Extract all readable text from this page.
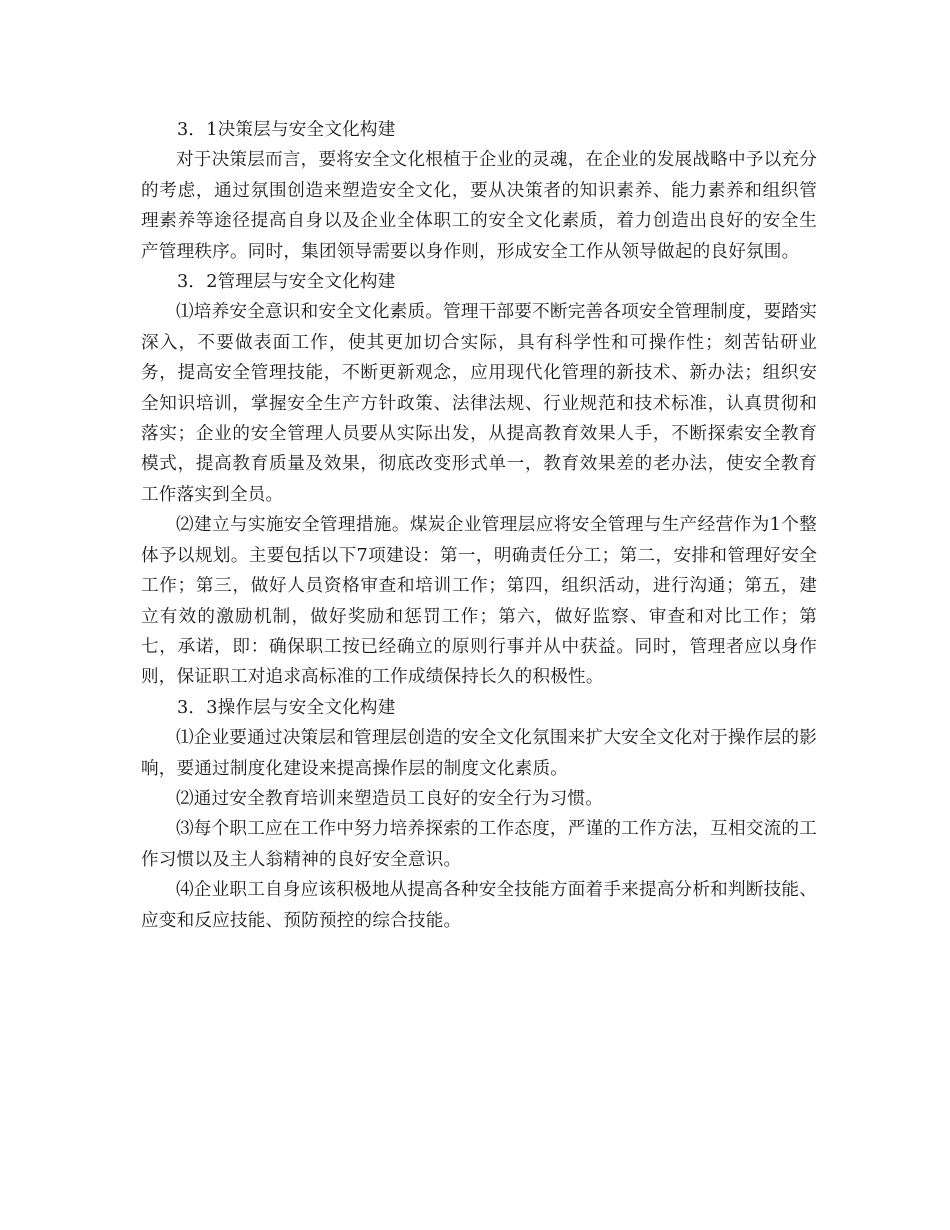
3．1决策层与安全文化构建

对于决策层而言，要将安全文化根植于企业的灵魂，在企业的发展战略中予以充分的考虑，通过氛围创造来塑造安全文化，要从决策者的知识素养、能力素养和组织管理素养等途径提高自身以及企业全体职工的安全文化素质，着力创造出良好的安全生产管理秩序。同时，集团领导需要以身作则，形成安全工作从领导做起的良好氛围。

3．2管理层与安全文化构建

⑴培养安全意识和安全文化素质。管理干部要不断完善各项安全管理制度，要踏实深入，不要做表面工作，使其更加切合实际，具有科学性和可操作性；刻苦钻研业务，提高安全管理技能，不断更新观念，应用现代化管理的新技术、新办法；组织安全知识培训，掌握安全生产方针政策、法律法规、行业规范和技术标准，认真贯彻和落实；企业的安全管理人员要从实际出发，从提高教育效果人手，不断探索安全教育模式，提高教育质量及效果，彻底改变形式单一，教育效果差的老办法，使安全教育工作落实到全员。

⑵建立与实施安全管理措施。煤炭企业管理层应将安全管理与生产经营作为1个整体予以规划。主要包括以下7项建设：第一，明确责任分工；第二，安排和管理好安全工作；第三，做好人员资格审查和培训工作；第四，组织活动，进行沟通；第五，建立有效的激励机制，做好奖励和惩罚工作；第六，做好监察、审查和对比工作；第七，承诺，即：确保职工按已经确立的原则行事并从中获益。同时，管理者应以身作则，保证职工对追求高标准的工作成绩保持长久的积极性。

3．3操作层与安全文化构建

⑴企业要通过决策层和管理层创造的安全文化氛围来扩大安全文化对于操作层的影响，要通过制度化建设来提高操作层的制度文化素质。

⑵通过安全教育培训来塑造员工良好的安全行为习惯。

⑶每个职工应在工作中努力培养探索的工作态度，严谨的工作方法，互相交流的工作习惯以及主人翁精神的良好安全意识。

⑷企业职工自身应该积极地从提高各种安全技能方面着手来提高分析和判断技能、应变和反应技能、预防预控的综合技能。
